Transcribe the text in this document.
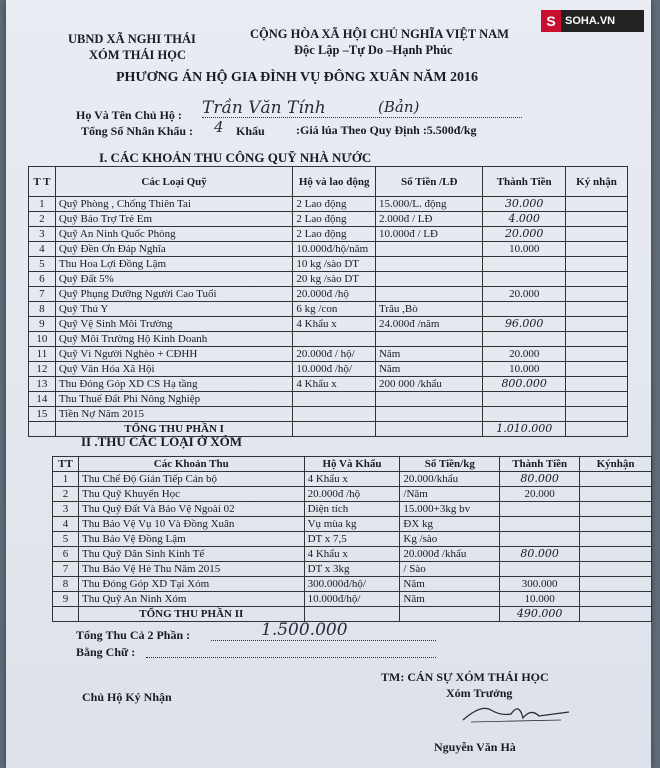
S SOHA.VN
UBND XÃ NGHI THÁI
XÓM THÁI HỌC
CỘNG HÒA XÃ HỘI CHỦ NGHĨA VIỆT NAM
Độc Lập –Tự Do –Hạnh Phúc
PHƯƠNG ÁN HỘ GIA ĐÌNH VỤ ĐÔNG XUÂN NĂM 2016
Họ Và Tên Chủ Hộ : Trần Văn Tính	(Bản)
Tổng Số Nhân Khẩu : 4 Khẩu	:Giá lúa Theo Quy Định :5.500đ/kg
I. CÁC KHOẢN THU CÔNG QUỸ NHÀ NƯỚC
T T	Các Loại Quỹ	Hộ và lao động	Số Tiền /LĐ	Thành Tiền	Ký nhận
1	Quỹ Phòng , Chống Thiên Tai	2 Lao động	15.000/L. động	30.000	
2	Quỹ Bảo Trợ Trẻ Em	2 Lao động	2.000đ / LĐ	4.000	
3	Quỹ An Ninh Quốc Phòng	2 Lao động	10.000đ / LĐ	20.000	
4	Quỹ Đền Ơn Đáp Nghĩa	10.000đ/hộ/năm		10.000	
5	Thu Hoa Lợi Đồng Lậm	10 kg /sào DT			
6	Quỹ Đất 5%	20 kg /sào DT			
7	Quỹ Phụng Dưỡng Người Cao Tuổi	20.000đ /hộ		20.000	
8	Quỹ Thú Y	6 kg /con	Trâu ,Bò		
9	Quỹ Vệ Sinh Môi Trường	4 Khẩu x	24.000đ /năm	96.000	
10	Quỹ Môi Trường Hộ Kinh Doanh				
11	Quỹ Vì Người Nghèo + CĐHH	20.000đ / hộ/	Năm	20.000	
12	Quỹ Văn Hóa Xã Hội	10.000đ /hộ/	Năm	10.000	
13	Thu Đóng Góp XD CS Hạ tầng	4 Khẩu x	200 000 /khẩu	800.000	
14	Thu Thuế Đất Phi Nông Nghiệp				
15	Tiền Nợ Năm 2015				
	TỔNG THU PHẦN I			1.010.000	
II .THU CÁC LOẠI Ở XÓM
TT	Các Khoản Thu	Hộ Và Khẩu	Số Tiền/kg	Thành Tiền	Kýnhận
1	Thu Chế Độ Gián Tiếp Cán bộ	4 Khẩu x	20.000/khẩu	80.000	
2	Thu Quỹ Khuyến Học	20.000đ /hộ	/Năm	20.000	
3	Thu Quỹ Đất Và Bảo Vệ Ngoài 02	Diện tích	15.000+3kg bv		
4	Thu Bảo Vệ Vụ 10 Và Đồng Xuân	Vụ mùa kg	ĐX kg		
5	Thu Bảo Vệ Đồng Lậm	DT x 7,5	Kg /sào		
6	Thu Quỹ Dân Sinh Kinh Tế	4 Khẩu x	20.000đ /khẩu	80.000	
7	Thu Bảo Vệ Hè Thu Năm 2015	DT x 3kg	/ Sào		
8	Thu Đóng Góp XD Tại Xóm	300.000đ/hộ/	Năm	300.000	
9	Thu Quỹ An Ninh Xóm	10.000đ/hộ/	Năm	10.000	
	TỔNG THU PHẦN II			490.000	
Tổng Thu Cả 2 Phần :	1.500.000
Bằng Chữ :
TM: CÁN SỰ XÓM THÁI HỌC
Xóm Trưởng
Chủ Hộ Ký Nhận
Nguyễn Văn Hà
